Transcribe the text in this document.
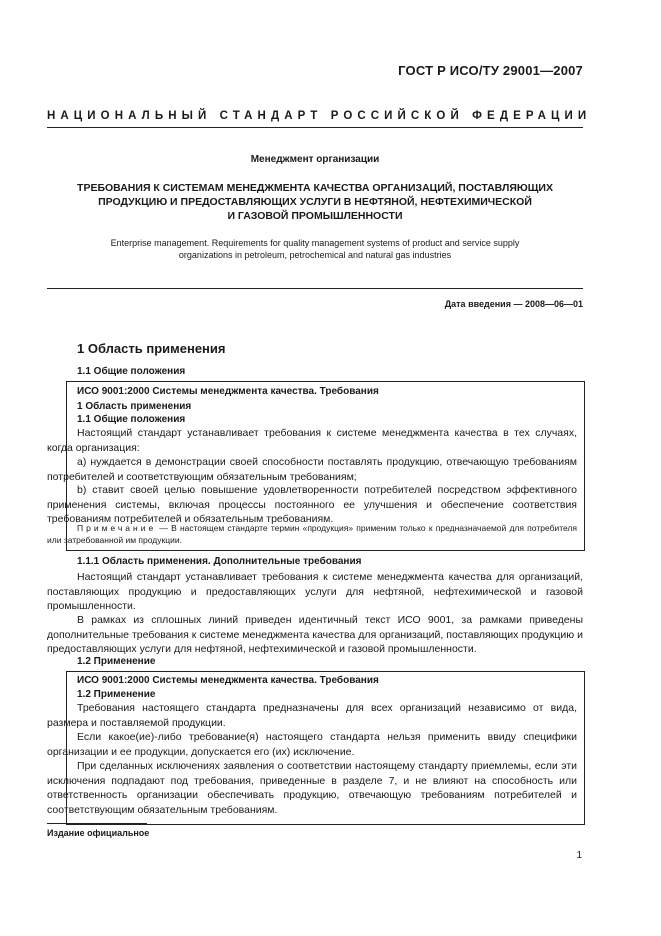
ГОСТ Р ИСО/ТУ 29001—2007
НАЦИОНАЛЬНЫЙ СТАНДАРТ РОССИЙСКОЙ ФЕДЕРАЦИИ
Менеджмент организации
ТРЕБОВАНИЯ К СИСТЕМАМ МЕНЕДЖМЕНТА КАЧЕСТВА ОРГАНИЗАЦИЙ, ПОСТАВЛЯЮЩИХ
ПРОДУКЦИЮ И ПРЕДОСТАВЛЯЮЩИХ УСЛУГИ В НЕФТЯНОЙ, НЕФТЕХИМИЧЕСКОЙ
И ГАЗОВОЙ ПРОМЫШЛЕННОСТИ
Enterprise management. Requirements for quality management systems of product and service supply
organizations in petroleum, petrochemical and natural gas industries
Дата введения — 2008—06—01
1 Область применения
1.1 Общие положения
ИСО 9001:2000 Системы менеджмента качества. Требования
1 Область применения
1.1 Общие положения
Настоящий стандарт устанавливает требования к системе менеджмента качества в тех случаях, когда организация:
а) нуждается в демонстрации своей способности поставлять продукцию, отвечающую требованиям потребителей и соответствующим обязательным требованиям;
b) ставит своей целью повышение удовлетворенности потребителей посредством эффективного применения системы, включая процессы постоянного ее улучшения и обеспечение соответствия требованиям потребителей и обязательным требованиям.
Примечание — В настоящем стандарте термин «продукция» применим только к предназначаемой для потребителя или затребованной им продукции.
1.1.1 Область применения. Дополнительные требования
Настоящий стандарт устанавливает требования к системе менеджмента качества для организаций, поставляющих продукцию и предоставляющих услуги для нефтяной, нефтехимической и газовой промышленности.
В рамках из сплошных линий приведен идентичный текст ИСО 9001, за рамками приведены дополнительные требования к системе менеджмента качества для организаций, поставляющих продукцию и предоставляющих услуги для нефтяной, нефтехимической и газовой промышленности.
1.2 Применение
ИСО 9001:2000 Системы менеджмента качества. Требования
1.2 Применение
Требования настоящего стандарта предназначены для всех организаций независимо от вида, размера и поставляемой продукции.
Если какое(ие)-либо требование(я) настоящего стандарта нельзя применить ввиду специфики организации и ее продукции, допускается его (их) исключение.
При сделанных исключениях заявления о соответствии настоящему стандарту приемлемы, если эти исключения подпадают под требования, приведенные в разделе 7, и не влияют на способность или ответственность организации обеспечивать продукцию, отвечающую требованиям потребителей и соответствующим обязательным требованиям.
Издание официальное
1
